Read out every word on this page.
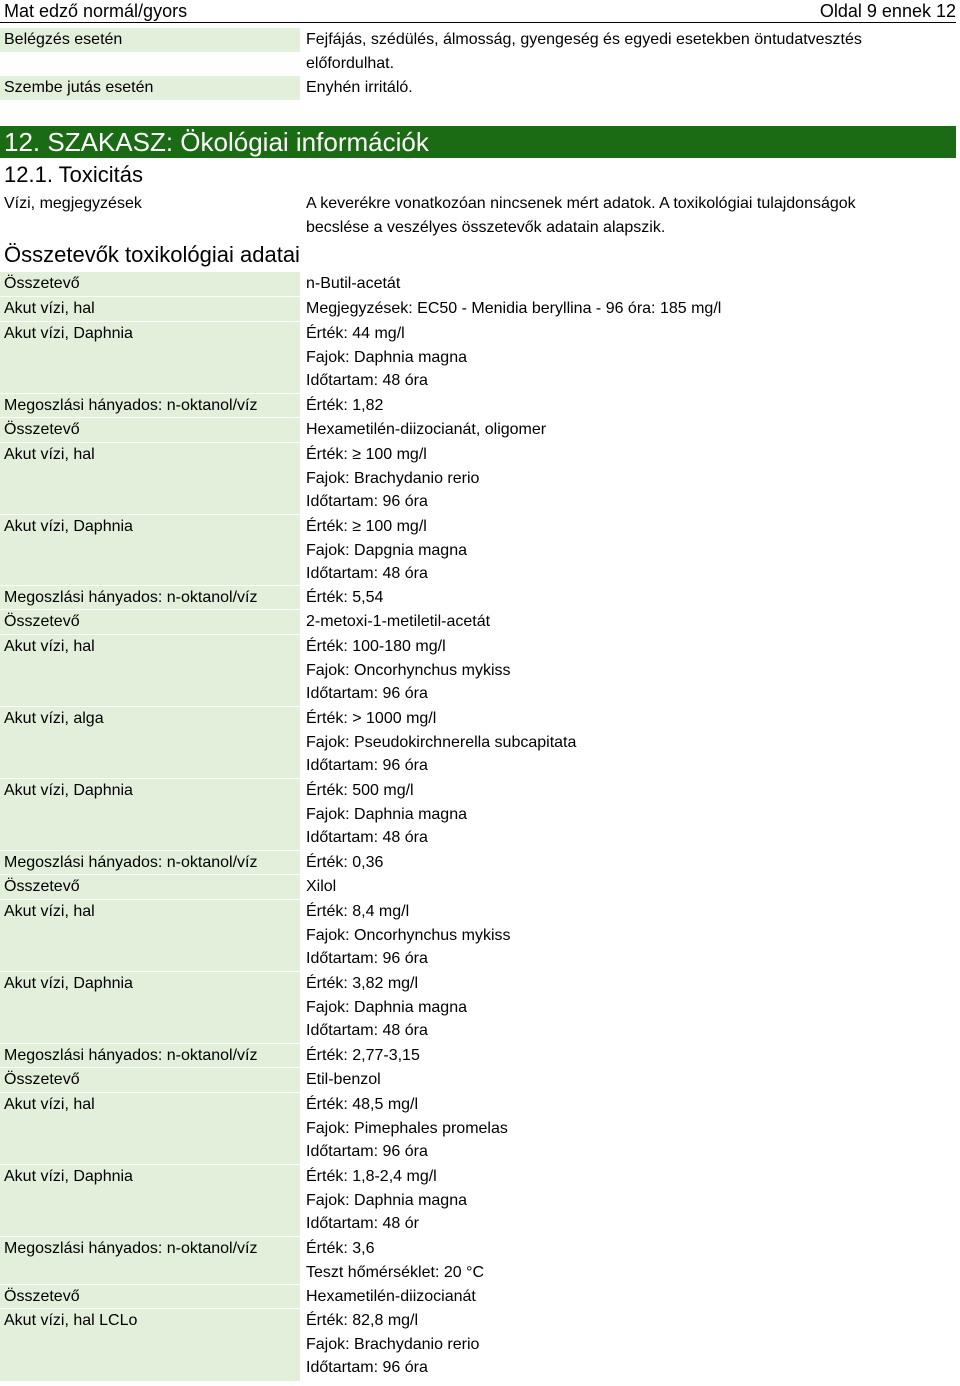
Mat edző normál/gyors	Oldal 9 ennek 12
Belégzés esetén	Fejfájás, szédülés, álmosság, gyengeség és egyedi esetekben öntudatvesztés
előfordulhat.
Szembe jutás esetén	Enyhén irritáló.
12. SZAKASZ: Ökológiai információk
12.1. Toxicitás
Vízi, megjegyzések	A keverékre vonatkozóan nincsenek mért adatok. A toxikológiai tulajdonságok
becslése a veszélyes összetevők adatain alapszik.
Összetevők toxikológiai adatai
Összetevő	n-Butil-acetát
Akut vízi, hal	Megjegyzések: EC50 - Menidia beryllina - 96 óra: 185 mg/l
Akut vízi, Daphnia	Érték: 44 mg/l
Fajok: Daphnia magna
Időtartam: 48 óra
Megoszlási hányados: n-oktanol/víz	Érték: 1,82
Összetevő	Hexametilén-diizocianát, oligomer
Akut vízi, hal	Érték: ≥ 100 mg/l
Fajok: Brachydanio rerio
Időtartam: 96 óra
Akut vízi, Daphnia	Érték: ≥ 100 mg/l
Fajok: Dapgnia magna
Időtartam: 48 óra
Megoszlási hányados: n-oktanol/víz	Érték: 5,54
Összetevő	2-metoxi-1-metiletil-acetát
Akut vízi, hal	Érték: 100-180 mg/l
Fajok: Oncorhynchus mykiss
Időtartam: 96 óra
Akut vízi, alga	Érték: > 1000 mg/l
Fajok: Pseudokirchnerella subcapitata
Időtartam: 96 óra
Akut vízi, Daphnia	Érték: 500 mg/l
Fajok: Daphnia magna
Időtartam: 48 óra
Megoszlási hányados: n-oktanol/víz	Érték: 0,36
Összetevő	Xilol
Akut vízi, hal	Érték: 8,4 mg/l
Fajok: Oncorhynchus mykiss
Időtartam: 96 óra
Akut vízi, Daphnia	Érték: 3,82 mg/l
Fajok: Daphnia magna
Időtartam: 48 óra
Megoszlási hányados: n-oktanol/víz	Érték: 2,77-3,15
Összetevő	Etil-benzol
Akut vízi, hal	Érték: 48,5 mg/l
Fajok: Pimephales promelas
Időtartam: 96 óra
Akut vízi, Daphnia	Érték: 1,8-2,4 mg/l
Fajok: Daphnia magna
Időtartam: 48 ór
Megoszlási hányados: n-oktanol/víz	Érték: 3,6
Teszt hőmérséklet: 20 °C
Összetevő	Hexametilén-diizocianát
Akut vízi, hal LCLo	Érték: 82,8 mg/l
Fajok: Brachydanio rerio
Időtartam: 96 óra
